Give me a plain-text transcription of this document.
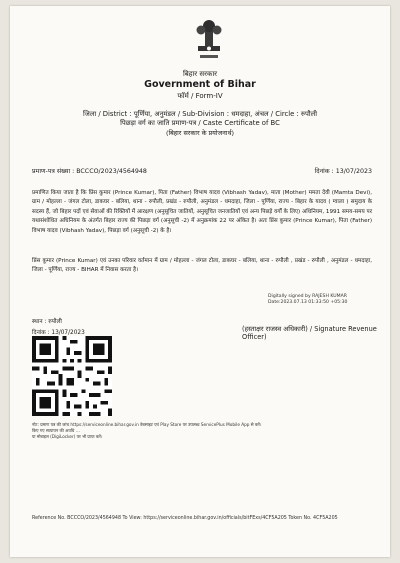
बिहार सरकार
Government of Bihar
फॉर्म / Form-IV
जिला / District : पूर्णिया, अनुमंडल / Sub-Division : धमदाहा, अंचल / Circle : रुपौली
पिछड़ा वर्ग का जाति प्रमाण-पत्र / Caste Certificate of BC
(बिहार सरकार के प्रयोजनार्थ)
प्रमाण-पत्र संख्या : BCCCO/2023/4564948	दिनांक : 13/07/2023
प्रमाणित किया जाता है कि प्रिंस कुमार (Prince Kumar), पिता (Father) विभाष यादव (Vibhash Yadav), माता (Mother) ममता देवी (Mamta Devi), ग्राम / मोहल्ला - जंगल टोला, डाकघर - बलिया, थाना - रुपौली, प्रखंड - रुपौली, अनुमंडल - धमदाहा, जिला - पूर्णिया, राज्य - बिहार के यादव ( ग्वाला ) समुदाय के सदस्य हैं, जो बिहार पदों एवं सेवाओं की रिक्तियों में आरक्षण (अनुसूचित जातियों, अनुसूचित जनजातियों एवं अन्य पिछड़े वर्गों के लिए) अधिनियम, 1991 समय-समय पर यथासंशोधित अधिनियम के अंतर्गत बिहार राज्य की पिछड़ा वर्ग (अनुसूची -2) में अनुक्रमांक 22 पर अंकित है। अतः प्रिंस कुमार (Prince Kumar), पिता (Father) विभाष यादव (Vibhash Yadav), पिछड़ा वर्ग (अनुसूची -2) के है।
प्रिंस कुमार (Prince Kumar) एवं उनका परिवार वर्तमान में ग्राम / मोहल्ला - जंगल टोला, डाकघर - बलिया, थाना - रुपौली , प्रखंड - रुपौली , अनुमंडल - धमदाहा, जिला - पूर्णिया, राज्य - BIHAR में निवास करता है।
Digitally signed by RAJESH KUMAR
Date:2023.07.13 01:33:50 +05:30
स्थान : रुपौली
दिनांक : 13/07/2023	(हस्ताक्षर राजस्व अधिकारी) / Signature Revenue Officer)
नोट: प्रमाण पत्र की जांच https://serviceonline.bihar.gov.in वेबसाइट एवं Play Store पर उपलब्ध ServicePlus Mobile App से करें।
किए गए सत्यापन की अवधि …
या मोबाइल (DigiLocker) पर भी प्राप्त करें।
Reference No. BCCCO/2023/4564948 To View: https://serviceonline.bihar.gov.in/officials/bitFExs/4CF5A205 Token No. 4CF5A205
